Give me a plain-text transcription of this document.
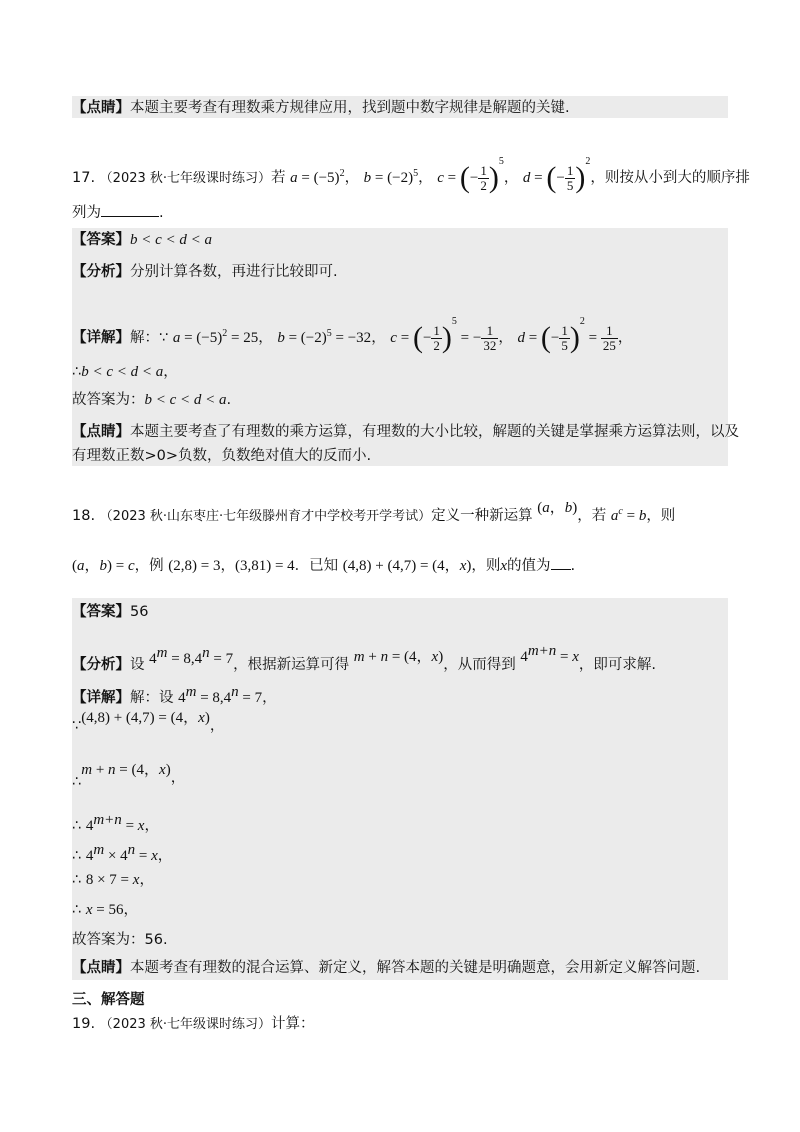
【点睛】本题主要考查有理数乘方规律应用，找到题中数字规律是解题的关键.
17. （2023 秋·七年级课时练习）若 $a = (-5)^2$， $b = (-2)^5$， c = (− $\frac{1}{2} )^5$， d = (− $\frac{1}{5} )^2$，则按从小到大的顺序排
列为	.
【答案】b < c < d < a
【分析】分别计算各数，再进行比较即可.
【详解】解：∵ $a = (-5)^2 = 25$， $b = (-2)^5 = -32$， c = (− $\frac{1}{2} )^5$ = − $\frac{1}{32}$ ， d = (− $\frac{1}{5} )^2 = \frac{1}{25}$ ，
∴b < c < d < a，
故答案为：b < c < d < a.
【点睛】本题主要考查了有理数的乘方运算，有理数的大小比较，解题的关键是掌握乘方运算法则，以及
有理数正数>0>负数，负数绝对值大的反而小.
18. （2023 秋·山东枣庄·七年级滕州育才中学校考开学考试）定义一种新运算 (a，b)，若 $a^c = b$，则
(a，b) = c，例 (2,8) = 3，(3,81) = 4．已知 (4,8) + (4,7) = (4，x)，则x的值为 .
【答案】56
【分析】设 $4^m = 8,4^n = 7$，根据新运算可得 m + n = (4，x)，从而得到 $4^{m+n} = x$，即可求解.
【详解】解：设 $4^m = 8,4^n = 7$，
∵(4,8) + (4,7) = (4，x)，
∴m + n = (4，x)，
∴ $4^{m+n} = x$，
∴ $4^m \times 4^n = x$，
∴ 8 × 7 = x，
∴ x = 56，
故答案为：56.
【点睛】本题考查有理数的混合运算、新定义，解答本题的关键是明确题意，会用新定义解答问题.
三、解答题
19. （2023 秋·七年级课时练习）计算：
